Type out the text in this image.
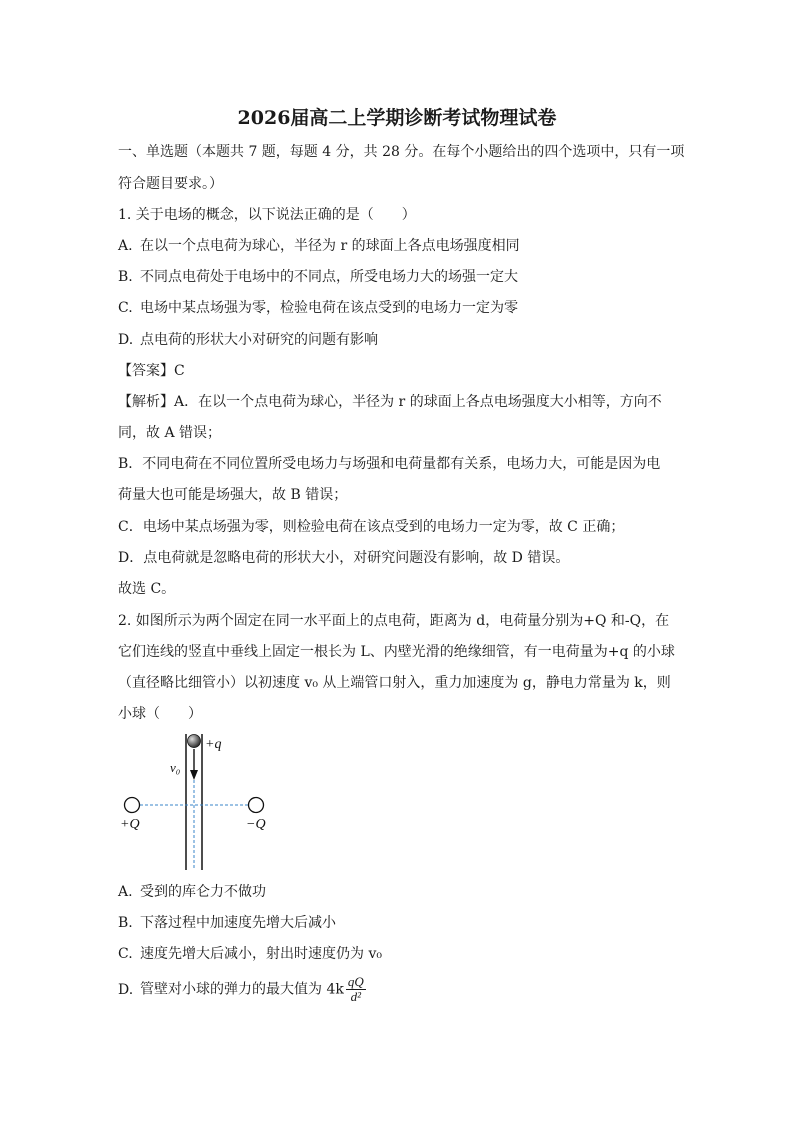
2026届高二上学期诊断考试物理试卷
一、单选题（本题共 7 题，每题 4 分，共 28 分。在每个小题给出的四个选项中，只有一项
符合题目要求。）
1. 关于电场的概念，以下说法正确的是（　　）
A. 在以一个点电荷为球心，半径为 r 的球面上各点电场强度相同
B. 不同点电荷处于电场中的不同点，所受电场力大的场强一定大
C. 电场中某点场强为零，检验电荷在该点受到的电场力一定为零
D. 点电荷的形状大小对研究的问题有影响
【答案】C
【解析】A．在以一个点电荷为球心，半径为 r 的球面上各点电场强度大小相等，方向不
同，故 A 错误；
B．不同电荷在不同位置所受电场力与场强和电荷量都有关系，电场力大，可能是因为电
荷量大也可能是场强大，故 B 错误；
C．电场中某点场强为零，则检验电荷在该点受到的电场力一定为零，故 C 正确；
D．点电荷就是忽略电荷的形状大小，对研究问题没有影响，故 D 错误。
故选 C。
2. 如图所示为两个固定在同一水平面上的点电荷，距离为 d，电荷量分别为+Q 和-Q，在
它们连线的竖直中垂线上固定一根长为 L、内壁光滑的绝缘细管，有一电荷量为+q 的小球
（直径略比细管小）以初速度 v₀ 从上端管口射入，重力加速度为 g，静电力常量为 k，则
小球（　　）
+q
v₀
+Q	−Q
A. 受到的库仑力不做功
B. 下落过程中加速度先增大后减小
C. 速度先增大后减小，射出时速度仍为 v₀
D. 管壁对小球的弹力的最大值为 $4k \frac{qQ}{\text{d²}}$
